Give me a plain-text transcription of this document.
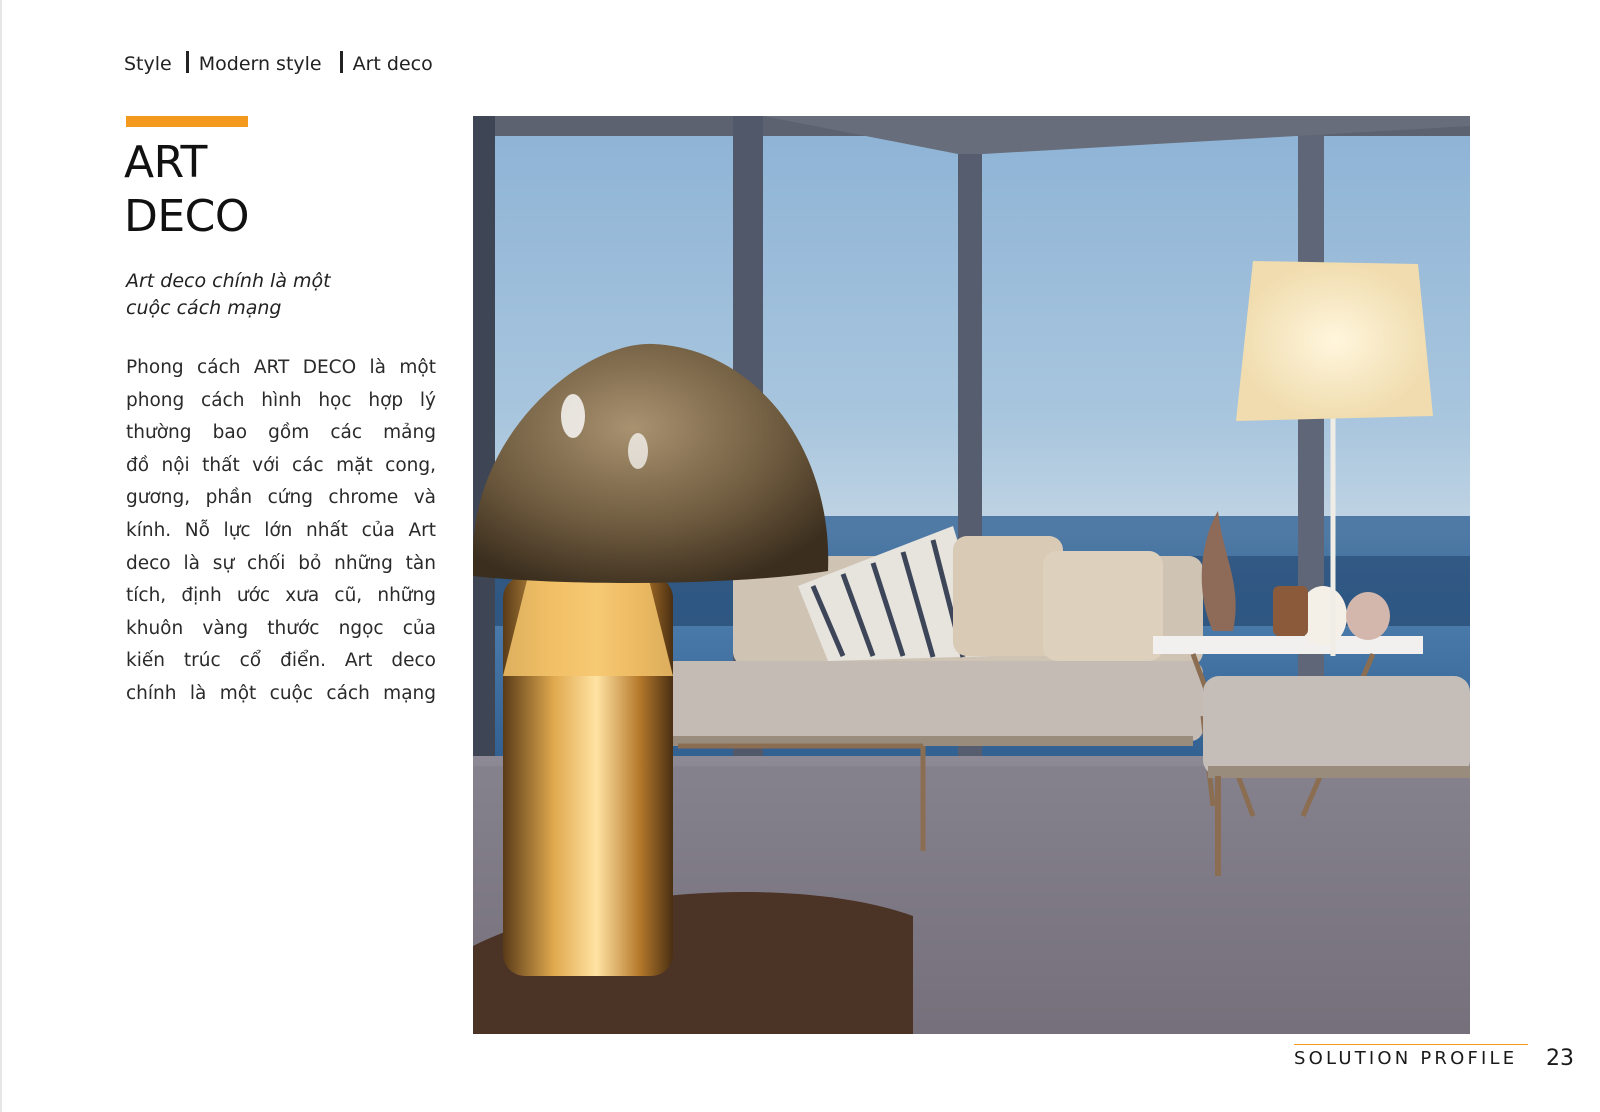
Style Modern style Art deco
ART
DECO

Art deco chính là một
cuộc cách mạng

Phong cách ART DECO là một
phong cách hình học hợp lý
thường bao gồm các mảng
đồ nội thất với các mặt cong,
gương, phần cứng chrome và
kính. Nỗ lực lớn nhất của Art
deco là sự chối bỏ những tàn
tích, định ước xưa cũ, những
khuôn vàng thước ngọc của
kiến trúc cổ điển. Art deco
chính là một cuộc cách mạng
SOLUTION PROFILE 23
